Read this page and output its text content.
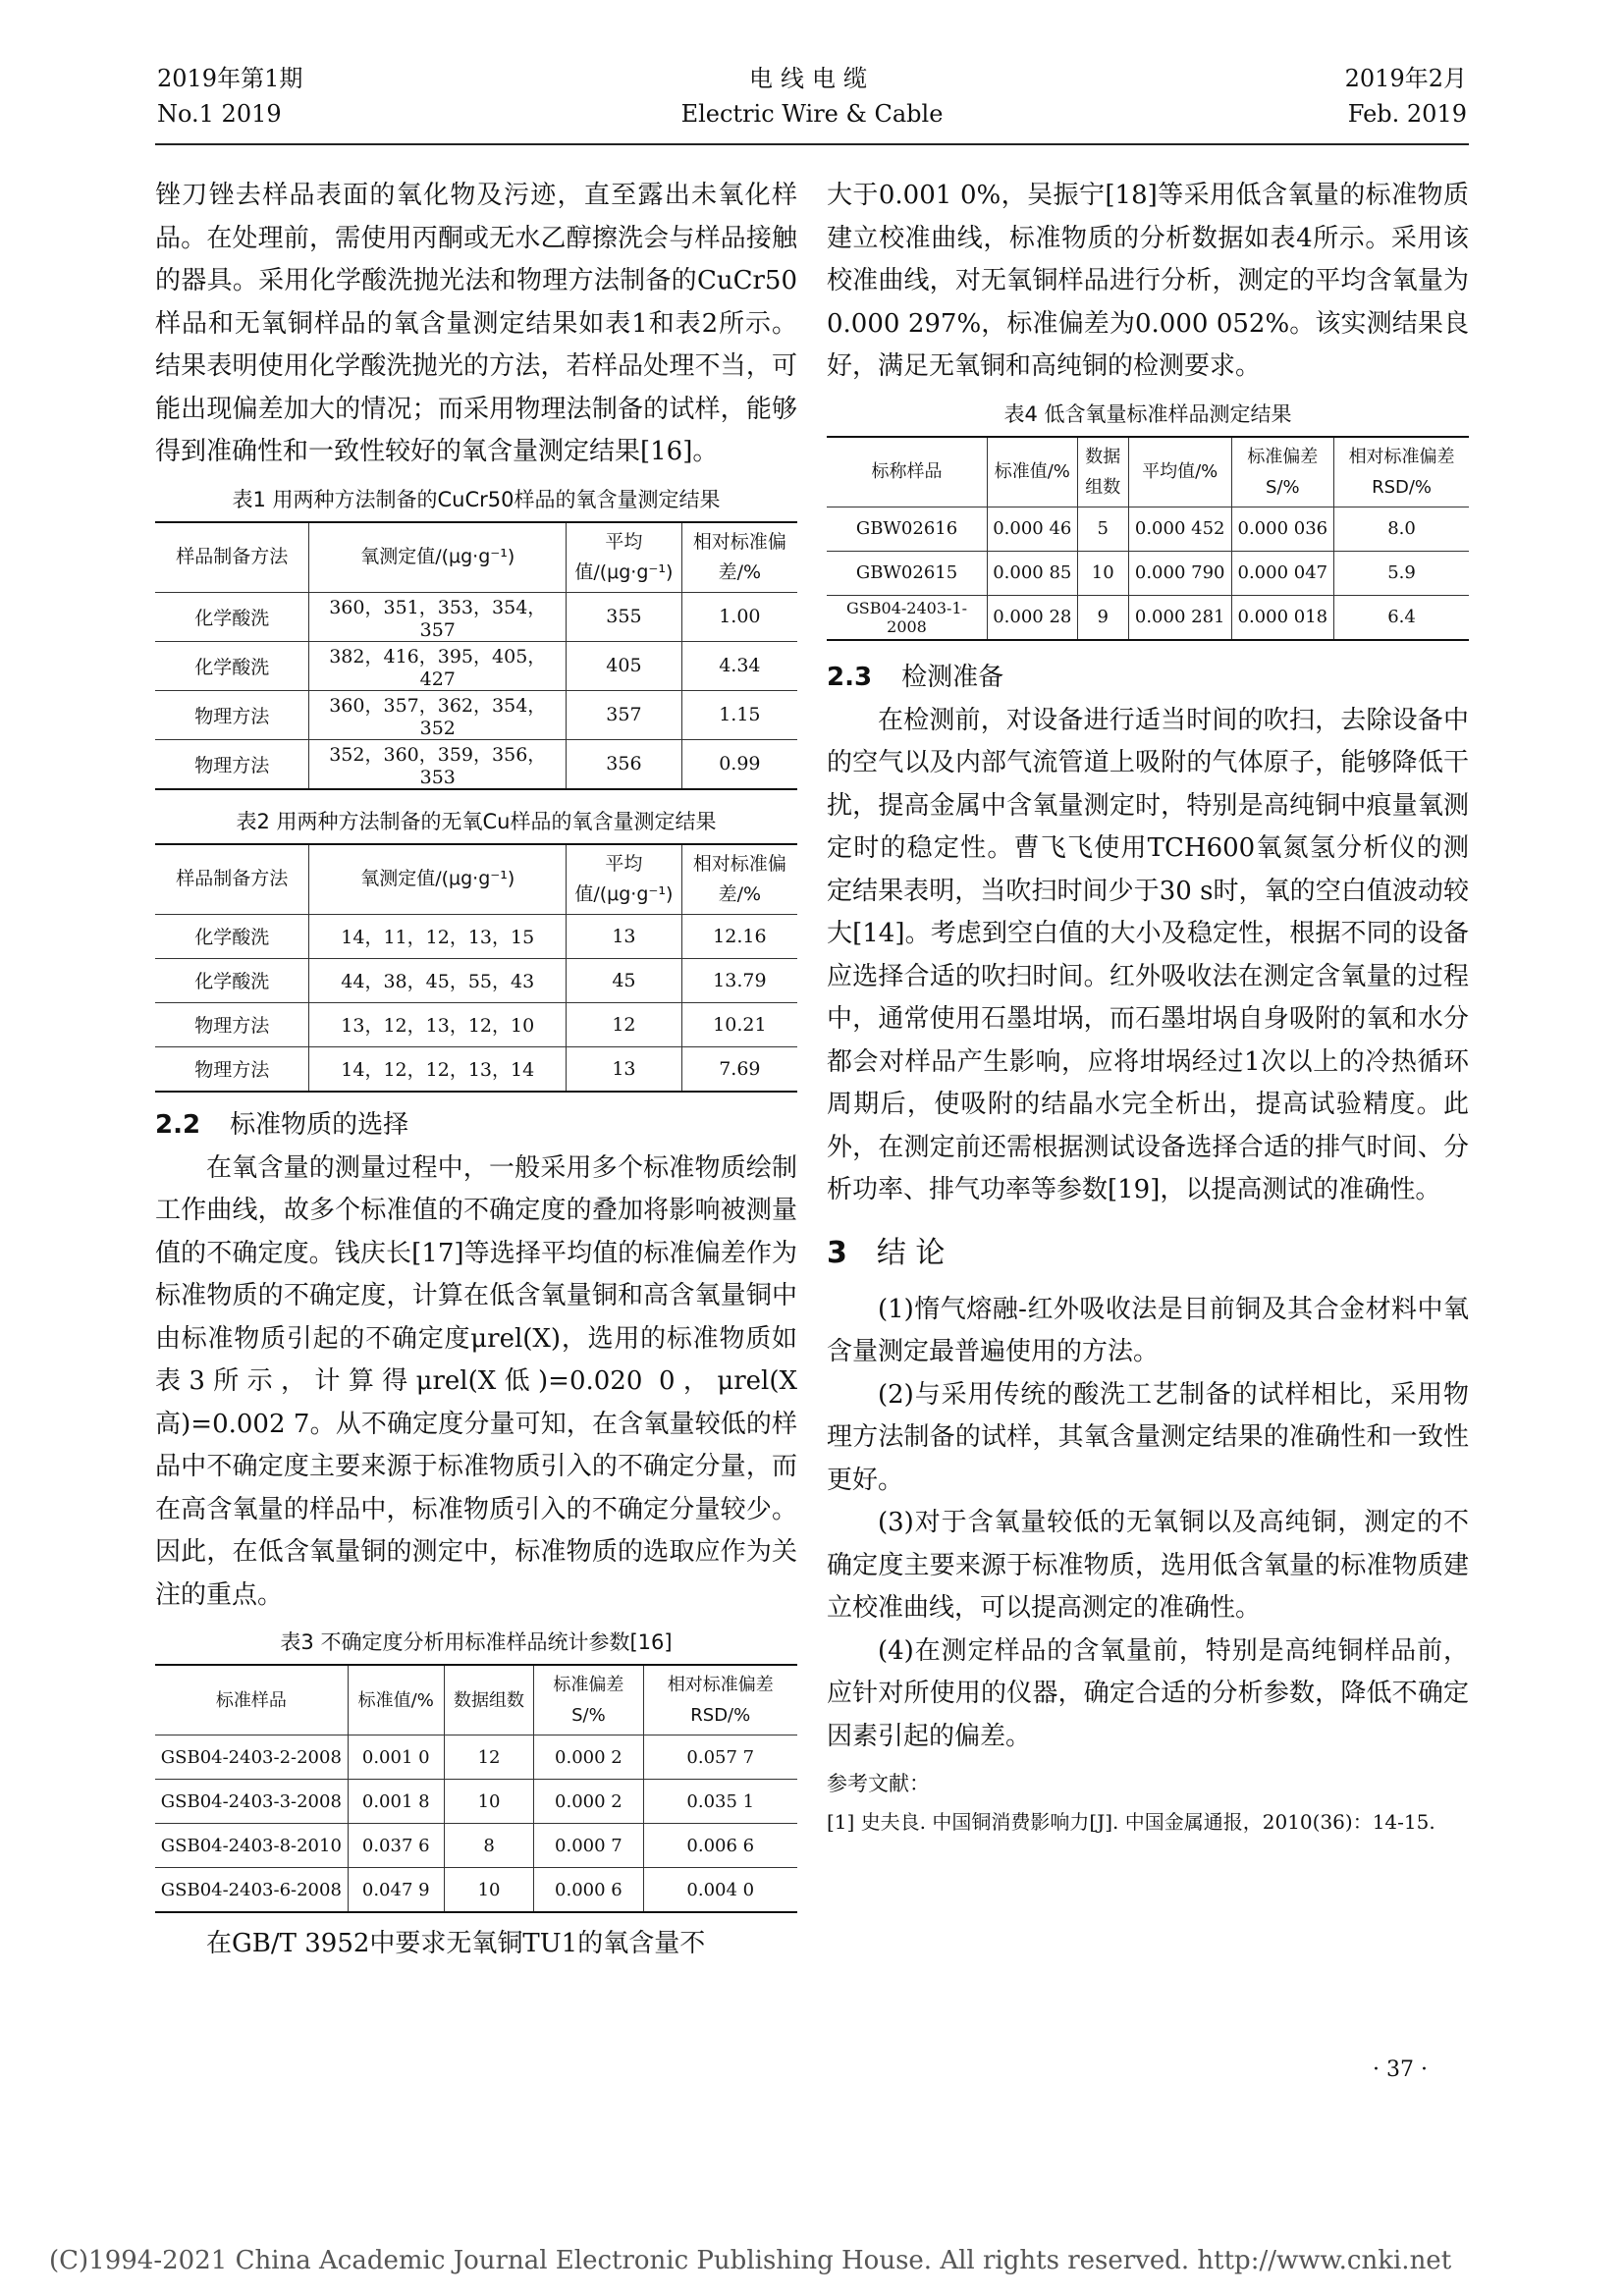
2019年第1期
No.1 2019
电线电缆
Electric Wire & Cable
2019年2月
Feb. 2019

锉刀锉去样品表面的氧化物及污迹，直至露出未氧化样品。在处理前，需使用丙酮或无水乙醇擦洗会与样品接触的器具。采用化学酸洗抛光法和物理方法制备的CuCr50样品和无氧铜样品的氧含量测定结果如表1和表2所示。结果表明使用化学酸洗抛光的方法，若样品处理不当，可能出现偏差加大的情况；而采用物理法制备的试样，能够得到准确性和一致性较好的氧含量测定结果[16]。

表1 用两种方法制备的CuCr50样品的氧含量测定结果
样品制备方法	氧测定值/(μg·g⁻¹)	平均值/(μg·g⁻¹)	相对标准偏差/%
化学酸洗	360，351，353，354，357	355	1.00
化学酸洗	382，416，395，405，427	405	4.34
物理方法	360，357，362，354，352	357	1.15
物理方法	352，360，359，356，353	356	0.99
表2 用两种方法制备的无氧Cu样品的氧含量测定结果
样品制备方法	氧测定值/(μg·g⁻¹)	平均值/(μg·g⁻¹)	相对标准偏差/%
化学酸洗	14，11，12，13，15	13	12.16
化学酸洗	44，38，45，55，43	45	13.79
物理方法	13，12，13，12，10	12	10.21
物理方法	14，12，12，13，14	13	7.69
2.2 标准物质的选择

在氧含量的测量过程中，一般采用多个标准物质绘制工作曲线，故多个标准值的不确定度的叠加将影响被测量值的不确定度。钱庆长[17]等选择平均值的标准偏差作为标准物质的不确定度，计算在低含氧量铜和高含氧量铜中由标准物质引起的不确定度μrel(X)，选用的标准物质如表3所示，计算得μrel(X低)=0.020 0，μrel(X高)=0.002 7。从不确定度分量可知，在含氧量较低的样品中不确定度主要来源于标准物质引入的不确定分量，而在高含氧量的样品中，标准物质引入的不确定分量较少。因此，在低含氧量铜的测定中，标准物质的选取应作为关注的重点。

表3 不确定度分析用标准样品统计参数[16]
标准样品	标准值/%	数据组数	标准偏差S/%	相对标准偏差RSD/%
GSB04-2403-2-2008	0.001 0	12	0.000 2	0.057 7
GSB04-2403-3-2008	0.001 8	10	0.000 2	0.035 1
GSB04-2403-8-2010	0.037 6	8	0.000 7	0.006 6
GSB04-2403-6-2008	0.047 9	10	0.000 6	0.004 0

在GB/T 3952中要求无氧铜TU1的氧含量不

大于0.001 0%，吴振宁[18]等采用低含氧量的标准物质建立校准曲线，标准物质的分析数据如表4所示。采用该校准曲线，对无氧铜样品进行分析，测定的平均含氧量为0.000 297%，标准偏差为0.000 052%。该实测结果良好，满足无氧铜和高纯铜的检测要求。

表4 低含氧量标准样品测定结果
标称样品	标准值/%	数据组数	平均值/%	标准偏差S/%	相对标准偏差RSD/%
GBW02616	0.000 46	5	0.000 452	0.000 036	8.0
GBW02615	0.000 85	10	0.000 790	0.000 047	5.9
GSB04-2403-1-2008	0.000 28	9	0.000 281	0.000 018	6.4
2.3 检测准备

在检测前，对设备进行适当时间的吹扫，去除设备中的空气以及内部气流管道上吸附的气体原子，能够降低干扰，提高金属中含氧量测定时，特别是高纯铜中痕量氧测定时的稳定性。曹飞飞使用TCH600氧氮氢分析仪的测定结果表明，当吹扫时间少于30 s时，氧的空白值波动较大[14]。考虑到空白值的大小及稳定性，根据不同的设备应选择合适的吹扫时间。红外吸收法在测定含氧量的过程中，通常使用石墨坩埚，而石墨坩埚自身吸附的氧和水分都会对样品产生影响，应将坩埚经过1次以上的冷热循环周期后，使吸附的结晶水完全析出，提高试验精度。此外，在测定前还需根据测试设备选择合适的排气时间、分析功率、排气功率等参数[19]，以提高测试的准确性。

3 结 论

(1)惰气熔融-红外吸收法是目前铜及其合金材料中氧含量测定最普遍使用的方法。

(2)与采用传统的酸洗工艺制备的试样相比，采用物理方法制备的试样，其氧含量测定结果的准确性和一致性更好。

(3)对于含氧量较低的无氧铜以及高纯铜，测定的不确定度主要来源于标准物质，选用低含氧量的标准物质建立校准曲线，可以提高测定的准确性。

(4)在测定样品的含氧量前，特别是高纯铜样品前，应针对所使用的仪器，确定合适的分析参数，降低不确定因素引起的偏差。

参考文献：
[1] 史夫良. 中国铜消费影响力[J]. 中国金属通报，2010(36)：14-15.
· 37 ·
(C)1994-2021 China Academic Journal Electronic Publishing House. All rights reserved. http://www.cnki.net
